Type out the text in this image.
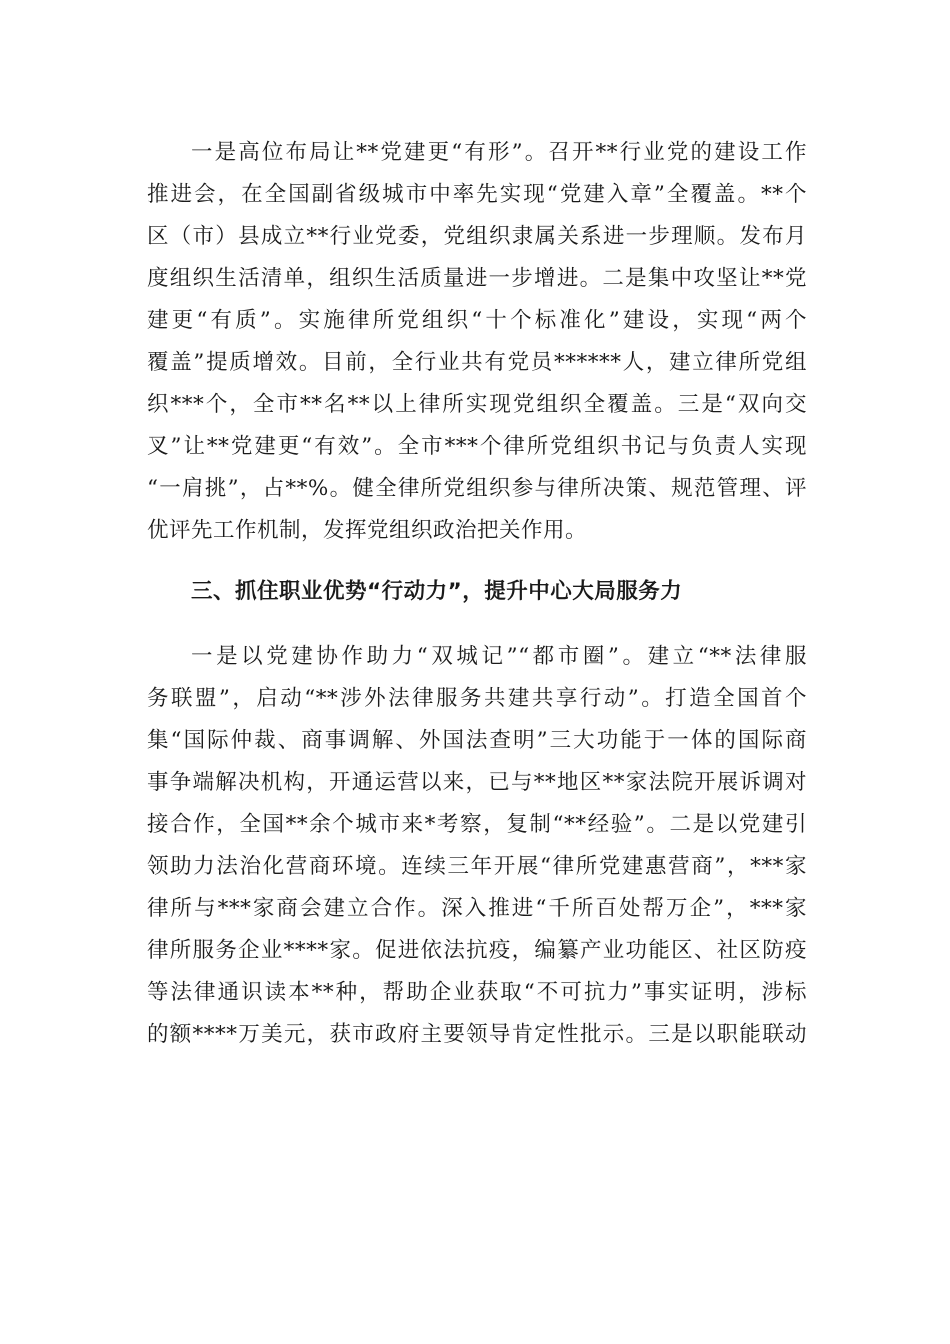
一是高位布局让**党建更“有形”。召开**行业党的建设工作
推进会，在全国副省级城市中率先实现“党建入章”全覆盖。**个
区（市）县成立**行业党委，党组织隶属关系进一步理顺。发布月
度组织生活清单，组织生活质量进一步增进。二是集中攻坚让**党
建更“有质”。实施律所党组织“十个标准化”建设，实现“两个
覆盖”提质增效。目前，全行业共有党员******人，建立律所党组
织***个，全市**名**以上律所实现党组织全覆盖。三是“双向交
叉”让**党建更“有效”。全市***个律所党组织书记与负责人实现
“一肩挑”，占**%。健全律所党组织参与律所决策、规范管理、评
优评先工作机制，发挥党组织政治把关作用。
三、抓住职业优势“行动力”，提升中心大局服务力
一是以党建协作助力“双城记”“都市圈”。建立“**法律服
务联盟”，启动“**涉外法律服务共建共享行动”。打造全国首个
集“国际仲裁、商事调解、外国法查明”三大功能于一体的国际商
事争端解决机构，开通运营以来，已与**地区**家法院开展诉调对
接合作，全国**余个城市来*考察，复制“**经验”。二是以党建引
领助力法治化营商环境。连续三年开展“律所党建惠营商”，***家
律所与***家商会建立合作。深入推进“千所百处帮万企”，***家
律所服务企业****家。促进依法抗疫，编纂产业功能区、社区防疫
等法律通识读本**种，帮助企业获取“不可抗力”事实证明，涉标
的额****万美元，获市政府主要领导肯定性批示。三是以职能联动
